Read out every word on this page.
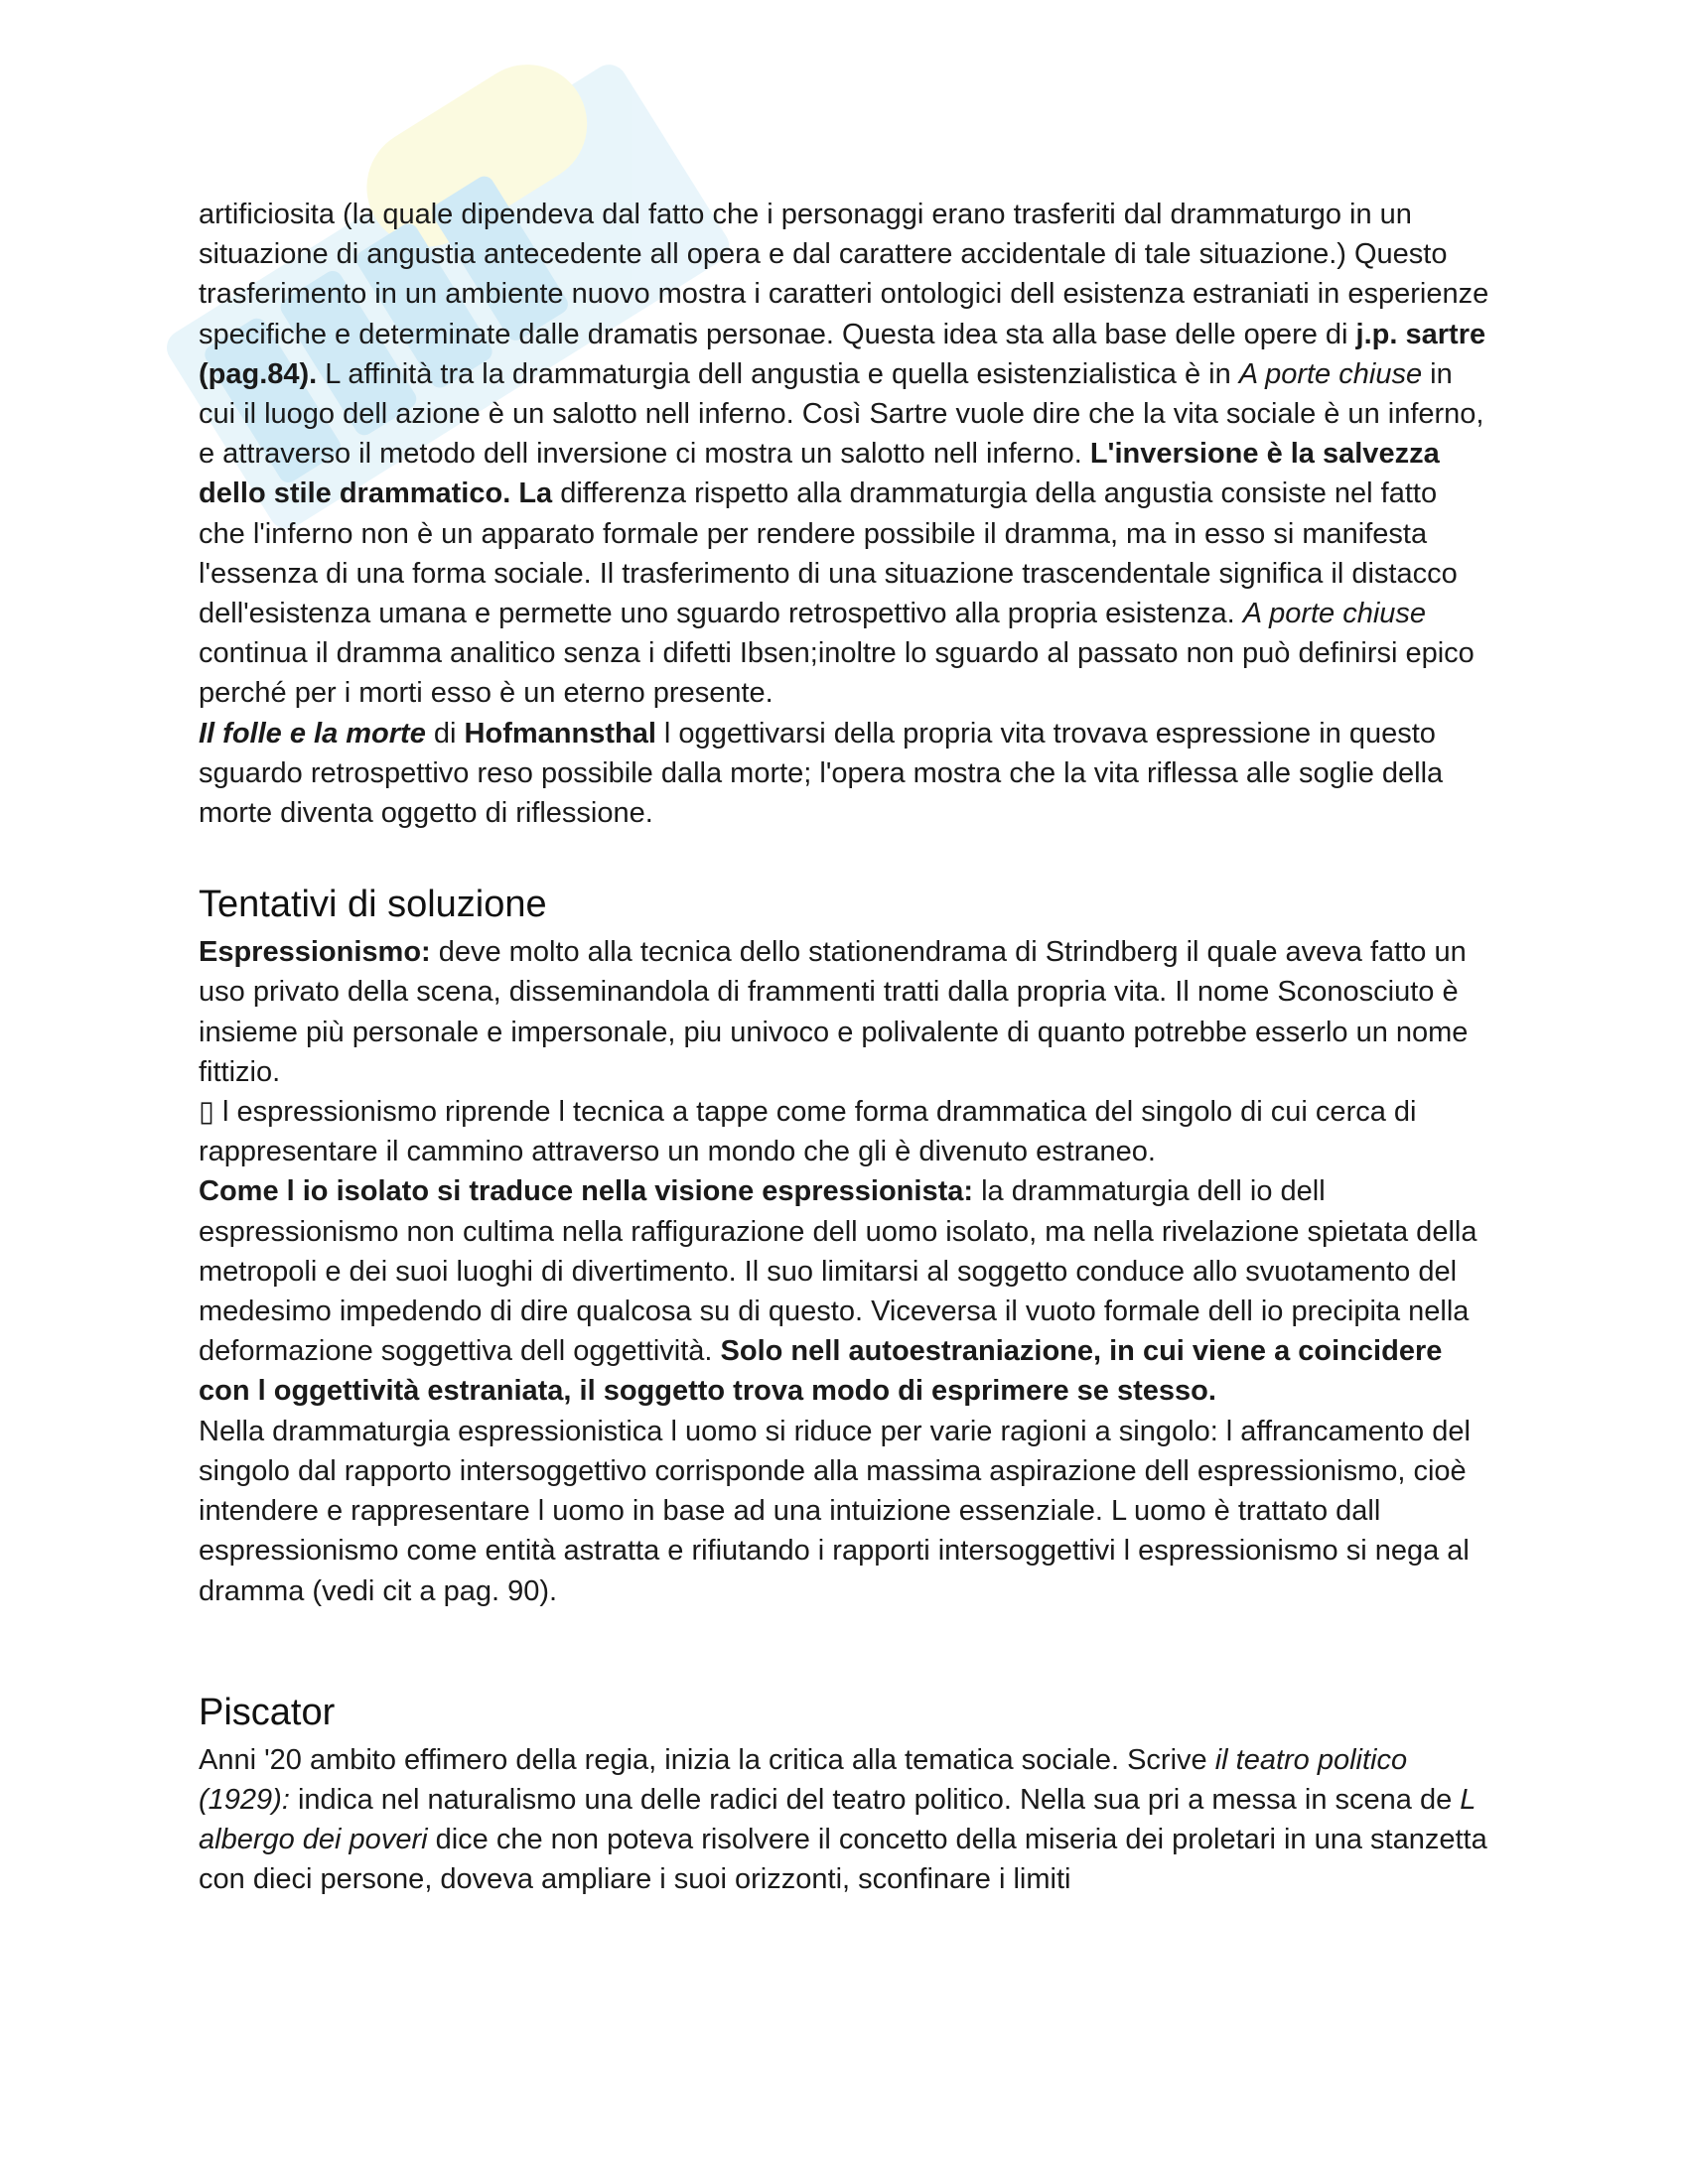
artificiosita (la quale dipendeva dal fatto che i personaggi erano trasferiti dal drammaturgo in un situazione di angustia antecedente all opera e dal carattere accidentale di tale situazione.) Questo trasferimento in un ambiente nuovo mostra i caratteri ontologici dell esistenza estraniati in esperienze specifiche e determinate dalle dramatis personae. Questa idea sta alla base delle opere di j.p. sartre (pag.84). L affinità tra la drammaturgia dell angustia e quella esistenzialistica è in A porte chiuse in cui il luogo dell azione è un salotto nell inferno. Così Sartre vuole dire che la vita sociale è un inferno, e attraverso il metodo dell inversione ci mostra un salotto nell inferno. L'inversione è la salvezza dello stile drammatico. La differenza rispetto alla drammaturgia della angustia consiste nel fatto che l'inferno non è un apparato formale per rendere possibile il dramma, ma in esso si manifesta l'essenza di una forma sociale. Il trasferimento di una situazione trascendentale significa il distacco dell'esistenza umana e permette uno sguardo retrospettivo alla propria esistenza. A porte chiuse continua il dramma analitico senza i difetti Ibsen;inoltre lo sguardo al passato non può definirsi epico perché per i morti esso è un eterno presente.

Il folle e la morte di Hofmannsthal l oggettivarsi della propria vita trovava espressione in questo sguardo retrospettivo reso possibile dalla morte; l'opera mostra che la vita riflessa alle soglie della morte diventa oggetto di riflessione.

Tentativi di soluzione

Espressionismo: deve molto alla tecnica dello stationendrama di Strindberg il quale aveva fatto un uso privato della scena, disseminandola di frammenti tratti dalla propria vita. Il nome Sconosciuto è insieme più personale e impersonale, piu univoco e polivalente di quanto potrebbe esserlo un nome fittizio.

▯ l espressionismo riprende l tecnica a tappe come forma drammatica del singolo di cui cerca di rappresentare il cammino attraverso un mondo che gli è divenuto estraneo.

Come l io isolato si traduce nella visione espressionista: la drammaturgia dell io dell espressionismo non cultima nella raffigurazione dell uomo isolato, ma nella rivelazione spietata della metropoli e dei suoi luoghi di divertimento. Il suo limitarsi al soggetto conduce allo svuotamento del medesimo impedendo di dire qualcosa su di questo. Viceversa il vuoto formale dell io precipita nella deformazione soggettiva dell oggettività. Solo nell autoestraniazione, in cui viene a coincidere con l oggettività estraniata, il soggetto trova modo di esprimere se stesso.

Nella drammaturgia espressionistica l uomo si riduce per varie ragioni a singolo: l affrancamento del singolo dal rapporto intersoggettivo corrisponde alla massima aspirazione dell espressionismo, cioè intendere e rappresentare l uomo in base ad una intuizione essenziale. L uomo è trattato dall espressionismo come entità astratta e rifiutando i rapporti intersoggettivi l espressionismo si nega al dramma (vedi cit a pag. 90).

Piscator

Anni '20 ambito effimero della regia, inizia la critica alla tematica sociale. Scrive il teatro politico (1929): indica nel naturalismo una delle radici del teatro politico. Nella sua pri a messa in scena de L albergo dei poveri dice che non poteva risolvere il concetto della miseria dei proletari in una stanzetta con dieci persone, doveva ampliare i suoi orizzonti, sconfinare i limiti
